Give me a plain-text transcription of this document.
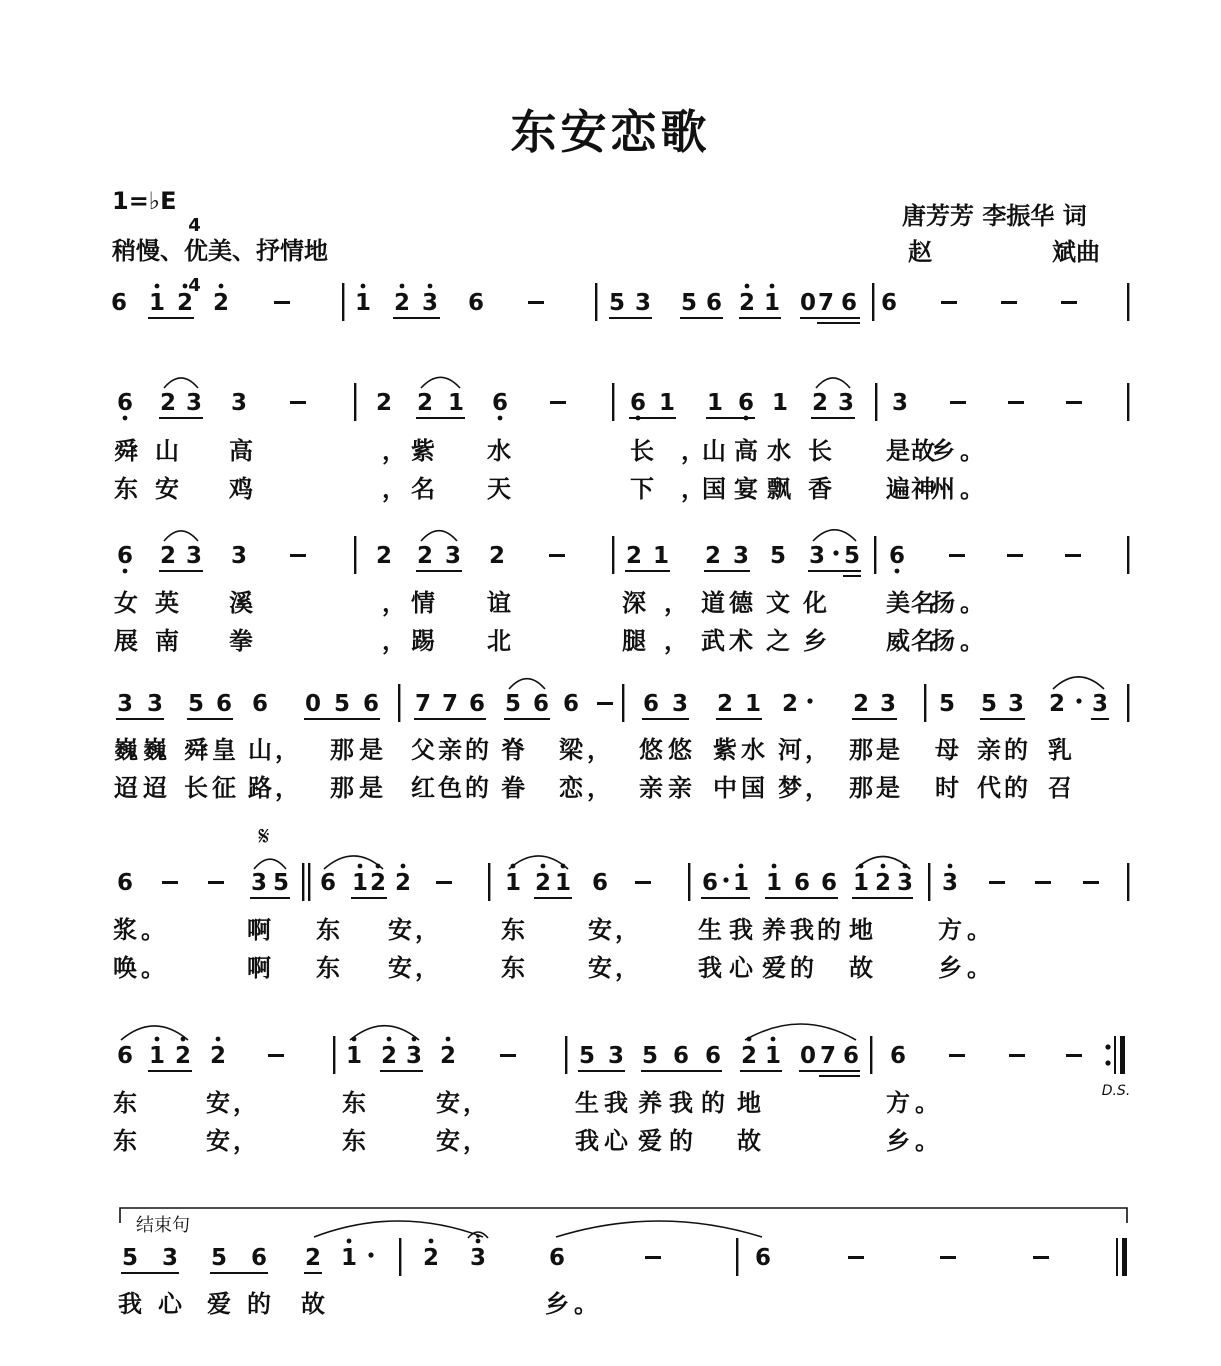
东安恋歌
1=♭E

4

4

稍慢、优美、抒情地
唐芳芳 李振华 词
赵	斌曲
6 1 2 2	1 2 3 6	5 3 5 6 2 1 0 7 6 6
6 2 3 3	2 2 1 6	6 1 1 6 1 2 3 3
6 2 3 3	2 2 3 2	2 1 2 3 5 3 5 6
3 3 5 6 6 0 5 6 7 7 6 5 6 6	6 3 2 1 2 2 3 5 5 3 2 3
6	3 5 6 1 2 2	1 2 1 6	6 1 1 6 6 1 2 3 3
6 1 2 2	1 2 3 2	5 3 5 6 6 2 1 0 7 6 6
5 3 5 6 2 1	2 3	6	6
结束句
𝄋
D.S.
舜 山 高	， 紫 水	长 ，
山 高 水 长 是 故
乡 。
东 安 鸡	， 名 天	下 ，
国 宴 飘 香 遍 神
州 。
女 英 溪	， 情 谊	深 ， 道 德 文 化 美 名
扬 。
展 南 拳	， 踢 北	腿 ， 武 术 之 乡 威 名
扬 。
巍 巍 舜 皇 山 ， 那 是 父 亲 的 脊 梁 ， 悠 悠 紫 水 河 ， 那 是 母 亲 的 乳
迢 迢 长 征 路 ， 那 是 红 色 的 眷 恋 ， 亲 亲 中 国 梦 ， 那 是 时 代 的 召
浆 。	啊 东 安 ，	东	安 ， 生 我 养 我 的 地	方 。
唤 。	啊 东 安 ，	东	安 ， 我 心 爱 的 故	乡 。
东	安 ，	东	安 ，	生 我 养 我 的 地	方 。
东	安 ，	东	安 ，	我 心 爱 的 故	乡 。
我 心 爱 的 故	乡 。
